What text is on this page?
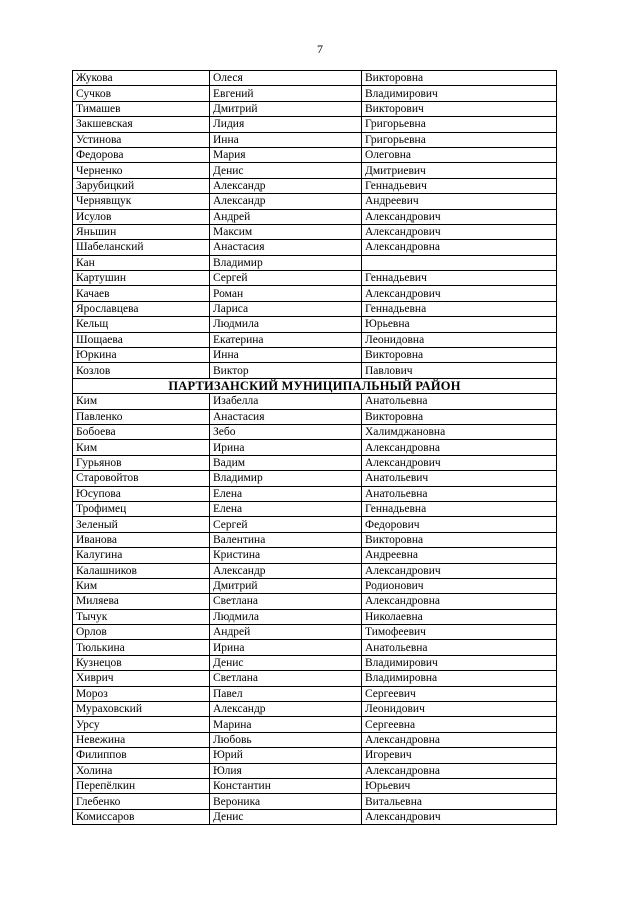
7
Жукова	Олеся	Викторовна
Сучков	Евгений	Владимирович
Тимашев	Дмитрий	Викторович
Закшевская	Лидия	Григорьевна
Устинова	Инна	Григорьевна
Федорова	Мария	Олеговна
Черненко	Денис	Дмитриевич
Зарубицкий	Александр	Геннадьевич
Чернявщук	Александр	Андреевич
Исулов	Андрей	Александрович
Яньшин	Максим	Александрович
Шабеланский	Анастасия	Александровна
Кан	Владимир	
Картушин	Сергей	Геннадьевич
Качаев	Роман	Александрович
Ярославцева	Лариса	Геннадьевна
Кельщ	Людмила	Юрьевна
Шощаева	Екатерина	Леонидовна
Юркина	Инна	Викторовна
Козлов	Виктор	Павлович
ПАРТИЗАНСКИЙ МУНИЦИПАЛЬНЫЙ РАЙОН		
Ким	Изабелла	Анатольевна
Павленко	Анастасия	Викторовна
Бобоева	Зебо	Халимджановна
Ким	Ирина	Александровна
Гурьянов	Вадим	Александрович
Старовойтов	Владимир	Анатольевич
Юсупова	Елена	Анатольевна
Трофимец	Елена	Геннадьевна
Зеленый	Сергей	Федорович
Иванова	Валентина	Викторовна
Калугина	Кристина	Андреевна
Калашников	Александр	Александрович
Ким	Дмитрий	Родионович
Миляева	Светлана	Александровна
Тычук	Людмила	Николаевна
Орлов	Андрей	Тимофеевич
Тюлькина	Ирина	Анатольевна
Кузнецов	Денис	Владимирович
Хиврич	Светлана	Владимировна
Мороз	Павел	Сергеевич
Мураховский	Александр	Леонидович
Урсу	Марина	Сергеевна
Невежина	Любовь	Александровна
Филиппов	Юрий	Игоревич
Холина	Юлия	Александровна
Перепёлкин	Константин	Юрьевич
Глебенко	Вероника	Витальевна
Комиссаров	Денис	Александрович
